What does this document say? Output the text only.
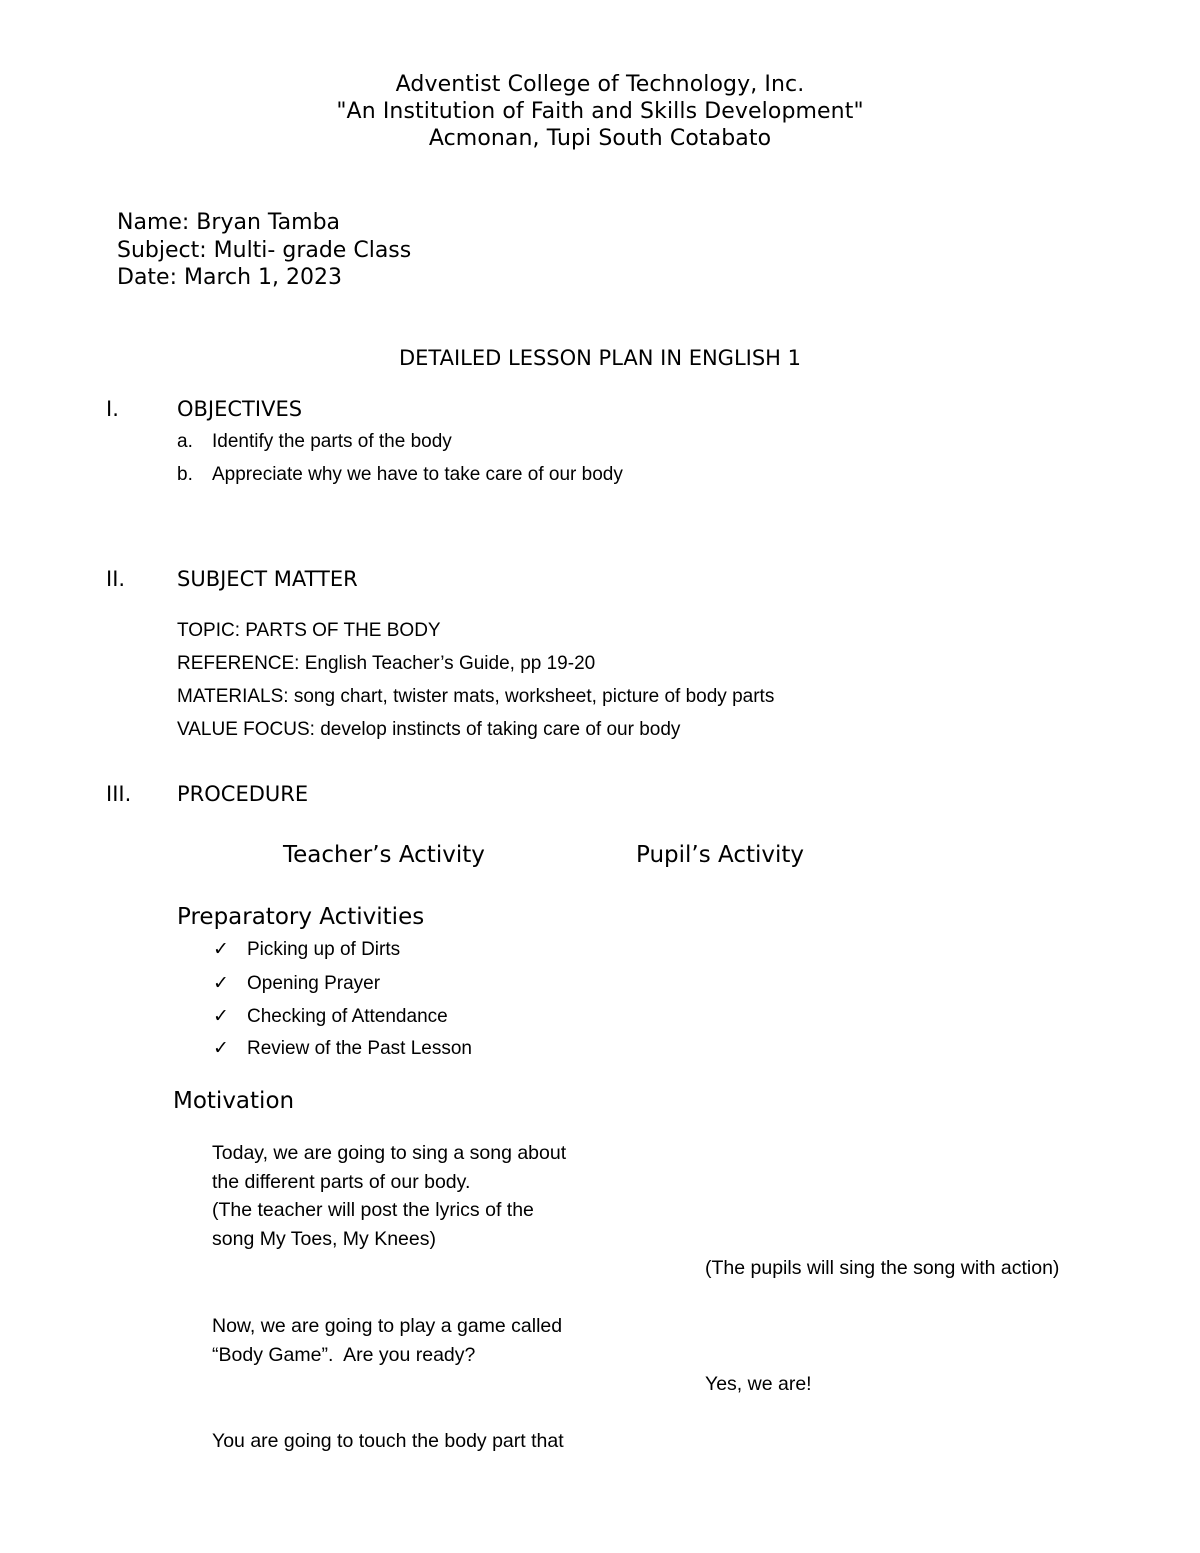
Adventist College of Technology, Inc.
"An Institution of Faith and Skills Development"
Acmonan, Tupi South Cotabato
Name: Bryan Tamba
Subject: Multi- grade Class
Date: March 1, 2023
DETAILED LESSON PLAN IN ENGLISH 1
I.	OBJECTIVES
a. Identify the parts of the body
b. Appreciate why we have to take care of our body
II. SUBJECT MATTER
TOPIC: PARTS OF THE BODY
REFERENCE: English Teacher’s Guide, pp 19-20
MATERIALS: song chart, twister mats, worksheet, picture of body parts
VALUE FOCUS: develop instincts of taking care of our body
III. PROCEDURE
Teacher’s Activity	Pupil’s Activity
Preparatory Activities
✓ Picking up of Dirts
✓ Opening Prayer
✓ Checking of Attendance
✓ Review of the Past Lesson
Motivation
Today, we are going to sing a song about
the different parts of our body.
(The teacher will post the lyrics of the
song My Toes, My Knees)
(The pupils will sing the song with action)
Now, we are going to play a game called
“Body Game”.  Are you ready?
Yes, we are!
You are going to touch the body part that
